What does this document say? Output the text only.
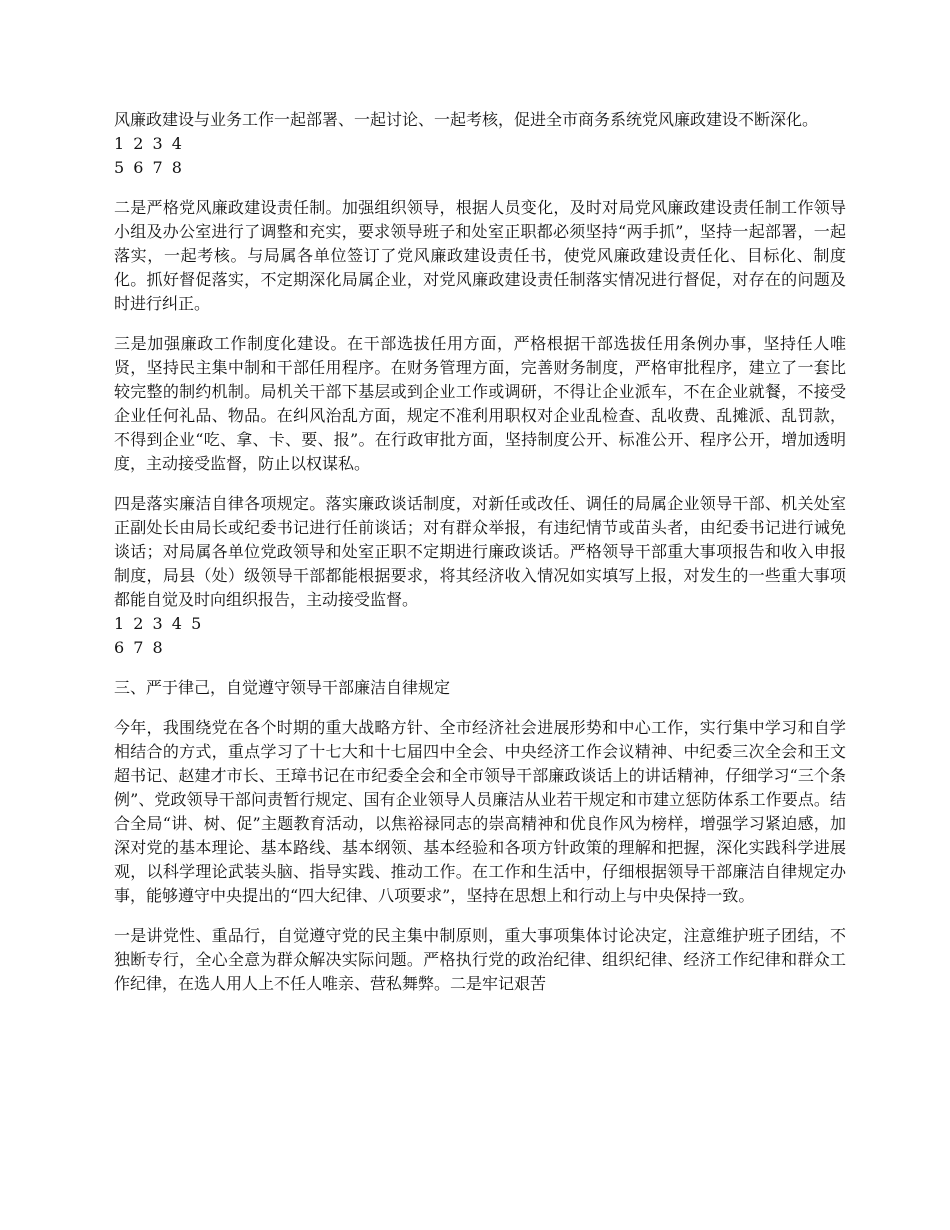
风廉政建设与业务工作一起部署、一起讨论、一起考核，促进全市商务系统党风廉政建设不断深化。

1 2 3 4

5 6 7 8

二是严格党风廉政建设责任制。加强组织领导，根据人员变化，及时对局党风廉政建设责任制工作领导小组及办公室进行了调整和充实，要求领导班子和处室正职都必须坚持“两手抓”，坚持一起部署，一起落实，一起考核。与局属各单位签订了党风廉政建设责任书，使党风廉政建设责任化、目标化、制度化。抓好督促落实，不定期深化局属企业，对党风廉政建设责任制落实情况进行督促，对存在的问题及时进行纠正。

三是加强廉政工作制度化建设。在干部选拔任用方面，严格根据干部选拔任用条例办事，坚持任人唯贤，坚持民主集中制和干部任用程序。在财务管理方面，完善财务制度，严格审批程序，建立了一套比较完整的制约机制。局机关干部下基层或到企业工作或调研，不得让企业派车，不在企业就餐，不接受企业任何礼品、物品。在纠风治乱方面，规定不准利用职权对企业乱检查、乱收费、乱摊派、乱罚款，不得到企业“吃、拿、卡、要、报”。在行政审批方面，坚持制度公开、标准公开、程序公开，增加透明度，主动接受监督，防止以权谋私。

四是落实廉洁自律各项规定。落实廉政谈话制度，对新任或改任、调任的局属企业领导干部、机关处室正副处长由局长或纪委书记进行任前谈话；对有群众举报，有违纪情节或苗头者，由纪委书记进行诫免谈话；对局属各单位党政领导和处室正职不定期进行廉政谈话。严格领导干部重大事项报告和收入申报制度，局县（处）级领导干部都能根据要求，将其经济收入情况如实填写上报，对发生的一些重大事项都能自觉及时向组织报告，主动接受监督。

1 2 3 4 5

6 7 8

三、严于律己，自觉遵守领导干部廉洁自律规定

今年，我围绕党在各个时期的重大战略方针、全市经济社会进展形势和中心工作，实行集中学习和自学相结合的方式，重点学习了十七大和十七届四中全会、中央经济工作会议精神、中纪委三次全会和王文超书记、赵建才市长、王璋书记在市纪委全会和全市领导干部廉政谈话上的讲话精神，仔细学习“三个条例”、党政领导干部问责暂行规定、国有企业领导人员廉洁从业若干规定和市建立惩防体系工作要点。结合全局“讲、树、促”主题教育活动，以焦裕禄同志的崇高精神和优良作风为榜样，增强学习紧迫感，加深对党的基本理论、基本路线、基本纲领、基本经验和各项方针政策的理解和把握，深化实践科学进展观，以科学理论武装头脑、指导实践、推动工作。在工作和生活中，仔细根据领导干部廉洁自律规定办事，能够遵守中央提出的“四大纪律、八项要求”，坚持在思想上和行动上与中央保持一致。

一是讲党性、重品行，自觉遵守党的民主集中制原则，重大事项集体讨论决定，注意维护班子团结，不独断专行，全心全意为群众解决实际问题。严格执行党的政治纪律、组织纪律、经济工作纪律和群众工作纪律，在选人用人上不任人唯亲、营私舞弊。二是牢记艰苦
